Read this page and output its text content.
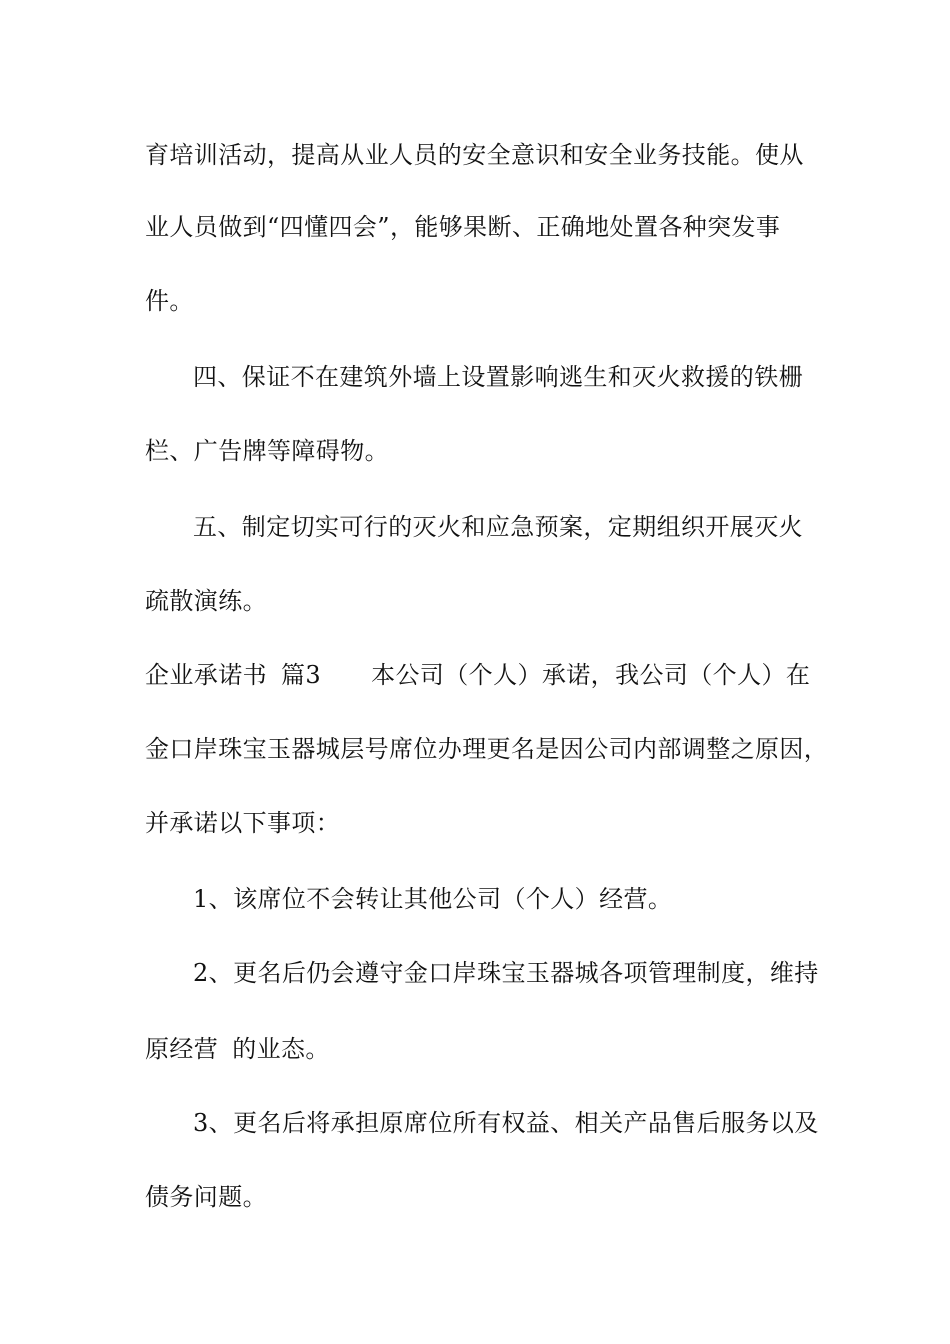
育培训活动，提高从业人员的安全意识和安全业务技能。使从
业人员做到“四懂四会”，能够果断、正确地处置各种突发事
件。
四、保证不在建筑外墙上设置影响逃生和灭火救援的铁栅
栏、广告牌等障碍物。
五、制定切实可行的灭火和应急预案，定期组织开展灭火
疏散演练。
企业承诺书 篇3 本公司（个人）承诺，我公司（个人）在
金口岸珠宝玉器城层号席位办理更名是因公司内部调整之原因，
并承诺以下事项：
1、该席位不会转让其他公司（个人）经营。
2、更名后仍会遵守金口岸珠宝玉器城各项管理制度，维持
原经营 的业态。
3、更名后将承担原席位所有权益、相关产品售后服务以及
债务问题。
